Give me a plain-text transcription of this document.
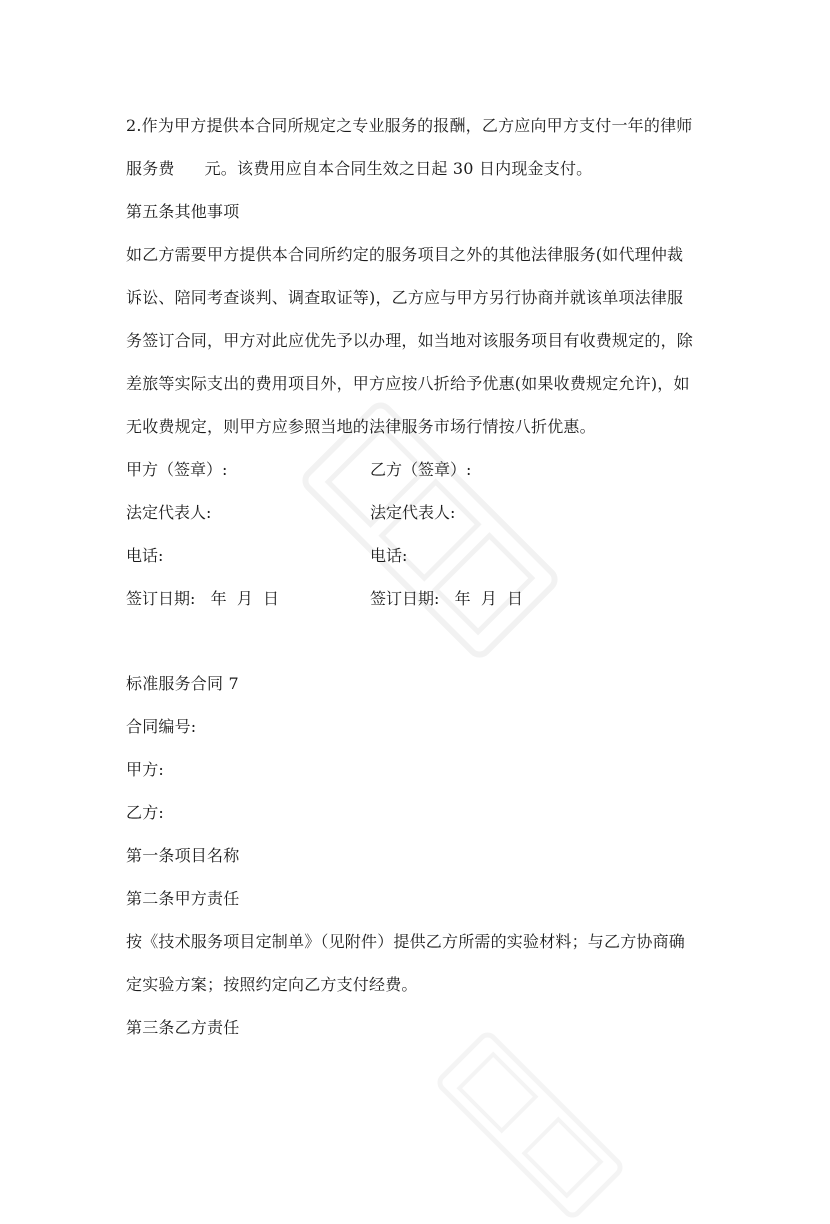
2.作为甲方提供本合同所规定之专业服务的报酬，乙方应向甲方支付一年的律师
服务费 元。该费用应自本合同生效之日起 30 日内现金支付。
第五条其他事项
如乙方需要甲方提供本合同所约定的服务项目之外的其他法律服务(如代理仲裁
诉讼、陪同考查谈判、调查取证等)，乙方应与甲方另行协商并就该单项法律服
务签订合同，甲方对此应优先予以办理，如当地对该服务项目有收费规定的，除
差旅等实际支出的费用项目外，甲方应按八折给予优惠(如果收费规定允许)，如
无收费规定，则甲方应参照当地的法律服务市场行情按八折优惠。
甲方（签章）:	乙方（签章）:
法定代表人:	法定代表人:
电话:	电话:
签订日期:   年  月  日	签订日期:   年  月  日
标准服务合同 7
合同编号:
甲方:
乙方:
第一条项目名称
第二条甲方责任
按《技术服务项目定制单》（见附件）提供乙方所需的实验材料；与乙方协商确
定实验方案；按照约定向乙方支付经费。
第三条乙方责任
